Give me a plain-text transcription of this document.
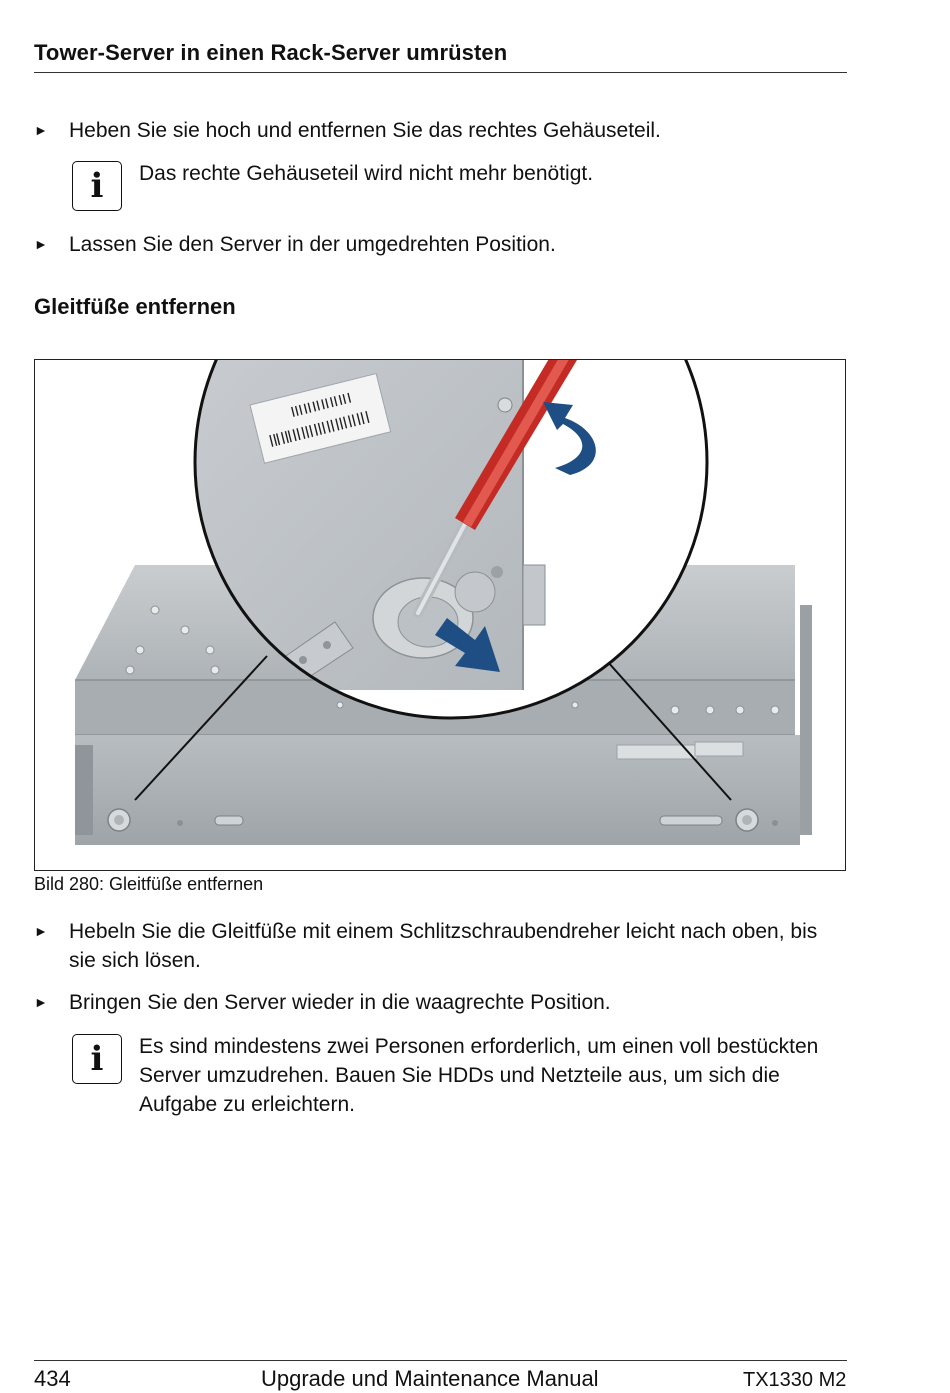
Tower-Server in einen Rack-Server umrüsten
►	Heben Sie sie hoch und entfernen Sie das rechtes Gehäuseteil.
i Das rechte Gehäuseteil wird nicht mehr benötigt.
►	Lassen Sie den Server in der umgedrehten Position.
Gleitfüße entfernen
Bild 280: Gleitfüße entfernen
►	Hebeln Sie die Gleitfüße mit einem Schlitzschraubendreher leicht nach oben, bis sie sich lösen.
►	Bringen Sie den Server wieder in die waagrechte Position.
i Es sind mindestens zwei Personen erforderlich, um einen voll bestückten Server umzudrehen. Bauen Sie HDDs und Netzteile aus, um sich die Aufgabe zu erleichtern.
434	Upgrade und Maintenance Manual	TX1330 M2
